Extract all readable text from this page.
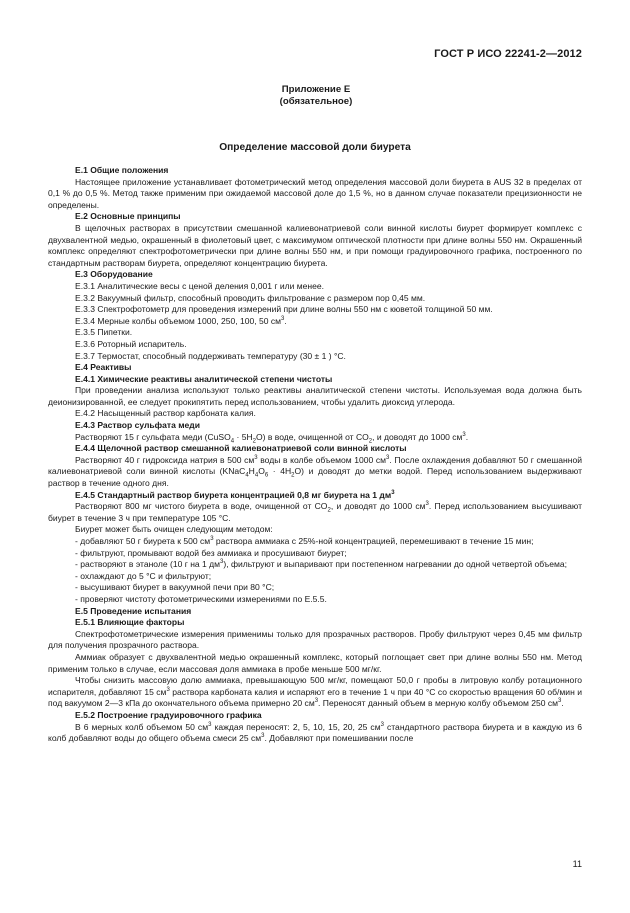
ГОСТ Р ИСО 22241-2—2012
Приложение Е
(обязательное)
Определение массовой доли биурета

Е.1 Общие положения

Настоящее приложение устанавливает фотометрический метод определения массовой доли биурета в AUS 32 в пределах от 0,1 % до 0,5 %. Метод также применим при ожидаемой массовой доле до 1,5 %, но в данном случае показатели прецизионности не определены.

Е.2 Основные принципы

В щелочных растворах в присутствии смешанной калиевонатриевой соли винной кислоты биурет формирует комплекс с двухвалентной медью, окрашенный в фиолетовый цвет, с максимумом оптической плотности при длине волны 550 нм. Окрашенный комплекс определяют спектрофотометрически при длине волны 550 нм, и при помощи градуировочного графика, построенного по стандартным растворам биурета, определяют концентрацию биурета.

Е.3 Оборудование

Е.3.1 Аналитические весы с ценой деления 0,001 г или менее.

Е.3.2 Вакуумный фильтр, способный проводить фильтрование с размером пор 0,45 мм.

Е.3.3 Спектрофотометр для проведения измерений при длине волны 550 нм с кюветой толщиной 50 мм.

Е.3.4 Мерные колбы объемом 1000, 250, 100, 50 $см^3$.

Е.3.5 Пипетки.

Е.3.6 Роторный испаритель.

Е.3.7 Термостат, способный поддерживать температуру (30 ± 1 ) °С.

Е.4 Реактивы

Е.4.1 Химические реактивы аналитической степени чистоты

При проведении анализа используют только реактивы аналитической степени чистоты. Используемая вода должна быть деионизированной, ее следует прокипятить перед использованием, чтобы удалить диоксид углерода.

Е.4.2 Насыщенный раствор карбоната калия.

Е.4.3 Раствор сульфата меди

Растворяют 15 г сульфата меди (CuSO$_4$ · $5H_2O$) в воде, очищенной от $CO_2$, и доводят до 1000 $см^3$.

Е.4.4 Щелочной раствор смешанной калиевонатриевой соли винной кислоты

Растворяют 40 г гидроксида натрия в 500 $см^3$ воды в колбе объемом 1000 $см^3$. После охлаждения добавляют 50 г смешанной калиевонатриевой соли винной кислоты $(KNaC_4H_4O_6 \cdot 4H_2O)$ и доводят до метки водой. Перед использованием выдерживают раствор в течение одного дня.

Е.4.5 Стандартный раствор биурета концентрацией 0,8 мг биурета на 1 $дм^3$

Растворяют 800 мг чистого биурета в воде, очищенной от $CO_2$, и доводят до 1000 $см^3$. Перед использованием высушивают биурет в течение 3 ч при температуре 105 °С.

Биурет может быть очищен следующим методом:

- добавляют 50 г биурета к 500 $см^3$ раствора аммиака с 25%-ной концентрацией, перемешивают в течение 15 мин;

- фильтруют, промывают водой без аммиака и просушивают биурет;

- растворяют в этаноле (10 г на 1 $дм^3$), фильтруют и выпаривают при постепенном нагревании до одной четвертой объема;

- охлаждают до 5 °С и фильтруют;

- высушивают биурет в вакуумной печи при 80 °С;

- проверяют чистоту фотометрическими измерениями по Е.5.5.

Е.5 Проведение испытания

Е.5.1 Влияющие факторы

Спектрофотометрические измерения применимы только для прозрачных растворов. Пробу фильтруют через 0,45 мм фильтр для получения прозрачного раствора.

Аммиак образует с двухвалентной медью окрашенный комплекс, который поглощает свет при длине волны 550 нм. Метод применим только в случае, если массовая доля аммиака в пробе меньше 500 мг/кг.

Чтобы снизить массовую долю аммиака, превышающую 500 мг/кг, помещают 50,0 г пробы в литровую колбу ротационного испарителя, добавляют 15 $см^3$ раствора карбоната калия и испаряют его в течение 1 ч при 40 °С со скоростью вращения 60 об/мин и под вакуумом 2—3 кПа до окончательного объема примерно 20 $см^3$. Переносят данный объем в мерную колбу объемом 250 $см^3$.

Е.5.2 Построение градуировочного графика

В 6 мерных колб объемом 50 $см^3$ каждая переносят: 2, 5, 10, 15, 20, 25 $см^3$ стандартного раствора биурета и в каждую из 6 колб добавляют воды до общего объема смеси 25 $см^3$. Добавляют при помешивании после

11
